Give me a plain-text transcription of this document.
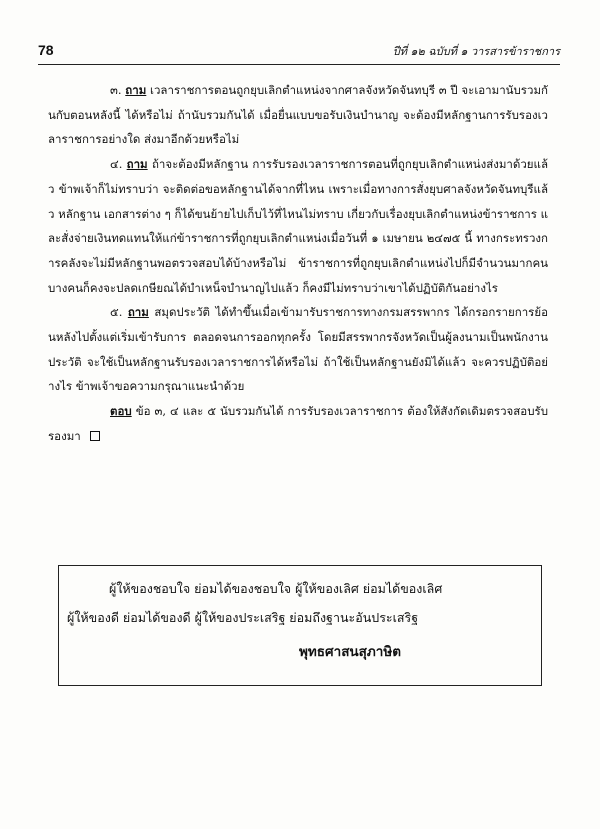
78	ปีที่ ๑๒ ฉบับที่ ๑ วารสารข้าราชการ

๓. ถาม เวลาราชการตอนถูกยุบเลิกตำแหน่งจากศาลจังหวัดจันทบุรี ๓ ปี จะเอามานับรวมกันกับตอนหลังนี้ ได้หรือไม่ ถ้านับรวมกันได้ เมื่อยื่นแบบขอรับเงินบำนาญ จะต้องมีหลักฐานการรับรองเวลาราชการอย่างใด ส่งมาอีกด้วยหรือไม่

๔. ถาม ถ้าจะต้องมีหลักฐาน การรับรองเวลาราชการตอนที่ถูกยุบเลิกตำแหน่งส่งมาด้วยแล้ว ข้าพเจ้าก็ไม่ทราบว่า จะติดต่อขอหลักฐานได้จากที่ไหน เพราะเมื่อทางการสั่งยุบศาลจังหวัดจันทบุรีแล้ว หลักฐาน เอกสารต่าง ๆ ก็ได้ขนย้ายไปเก็บไว้ที่ไหนไม่ทราบ เกี่ยวกับเรื่องยุบเลิกตำแหน่งข้าราชการ และสั่งจ่ายเงินทดแทนให้แก่ข้าราชการที่ถูกยุบเลิกตำแหน่งเมื่อวันที่ ๑ เมษายน ๒๔๗๕ นี้ ทางกระทรวงการคลังจะไม่มีหลักฐานพอตรวจสอบได้บ้างหรือไม่ ข้าราชการที่ถูกยุบเลิกตำแหน่งไปก็มีจำนวนมากคน บางคนก็คงจะปลดเกษียณได้บำเหน็จบำนาญไปแล้ว ก็คงมีไม่ทราบว่าเขาได้ปฏิบัติกันอย่างไร

๕. ถาม สมุดประวัติ ได้ทำขึ้นเมื่อเข้ามารับราชการทางกรมสรรพากร ได้กรอกรายการย้อนหลังไปตั้งแต่เริ่มเข้ารับการ ตลอดจนการออกทุกครั้ง โดยมีสรรพากรจังหวัดเป็นผู้ลงนามเป็นพนักงานประวัติ จะใช้เป็นหลักฐานรับรองเวลาราชการได้หรือไม่ ถ้าใช้เป็นหลักฐานยังมิได้แล้ว จะควรปฏิบัติอย่างไร ข้าพเจ้าขอความกรุณาแนะนำด้วย

ตอบ ข้อ ๓, ๔ และ ๕ นับรวมกันได้ การรับรองเวลาราชการ ต้องให้สังกัดเดิมตรวจสอบรับรองมา

ผู้ให้ของชอบใจ ย่อมได้ของชอบใจ ผู้ให้ของเลิศ ย่อมได้ของเลิศ
ผู้ให้ของดี ย่อมได้ของดี ผู้ให้ของประเสริฐ ย่อมถึงฐานะอันประเสริฐ
พุทธศาสนสุภาษิต
